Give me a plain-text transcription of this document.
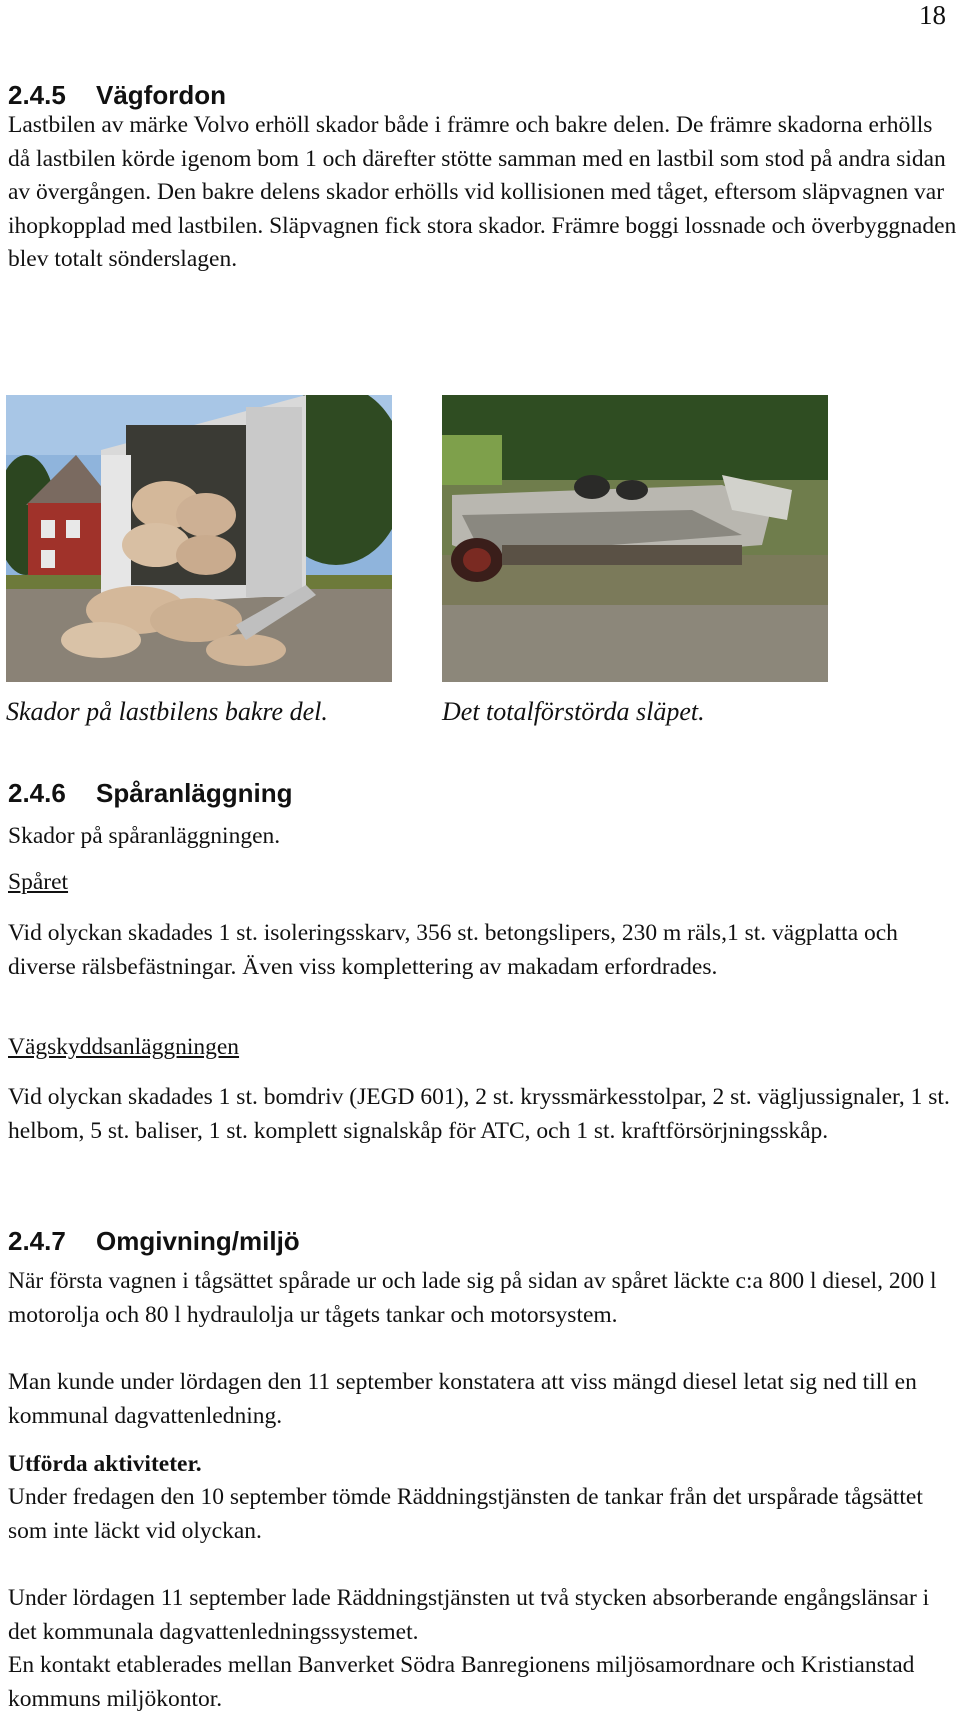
18
2.4.5 Vägfordon

Lastbilen av märke Volvo erhöll skador både i främre och bakre delen. De främre skadorna erhölls då lastbilen körde igenom bom 1 och därefter stötte samman med en lastbil som stod på andra sidan av övergången. Den bakre delens skador erhölls vid kollisionen med tåget, eftersom släpvagnen var ihopkopplad med lastbilen. Släpvagnen fick stora skador. Främre boggi lossnade och överbyggnaden blev totalt sönderslagen.

Skador på lastbilens bakre del.	Det totalförstörda släpet.
2.4.6 Spåranläggning

Skador på spåranläggningen.

Spåret

Vid olyckan skadades 1 st. isoleringsskarv, 356 st. betongslipers, 230 m räls,1 st. vägplatta och diverse rälsbefästningar. Även viss komplettering av makadam erfordrades.

Vägskyddsanläggningen

Vid olyckan skadades 1 st. bomdriv (JEGD 601), 2 st. kryssmärkesstolpar, 2 st. vägljussignaler, 1 st. helbom, 5 st. baliser, 1 st. komplett signalskåp för ATC, och 1 st. kraftförsörjningsskåp.

2.4.7 Omgivning/miljö

När första vagnen i tågsättet spårade ur och lade sig på sidan av spåret läckte c:a 800 l diesel, 200 l motorolja och 80 l hydraulolja ur tågets tankar och motorsystem.

Man kunde under lördagen den 11 september konstatera att viss mängd diesel letat sig ned till en kommunal dagvattenledning.

Utförda aktiviteter.

Under fredagen den 10 september tömde Räddningstjänsten de tankar från det urspårade tågsättet som inte läckt vid olyckan.

Under lördagen 11 september lade Räddningstjänsten ut två stycken absorberande engångslänsar i det kommunala dagvattenledningssystemet.

En kontakt etablerades mellan Banverket Södra Banregionens miljösamordnare och Kristianstad kommuns miljökontor.
